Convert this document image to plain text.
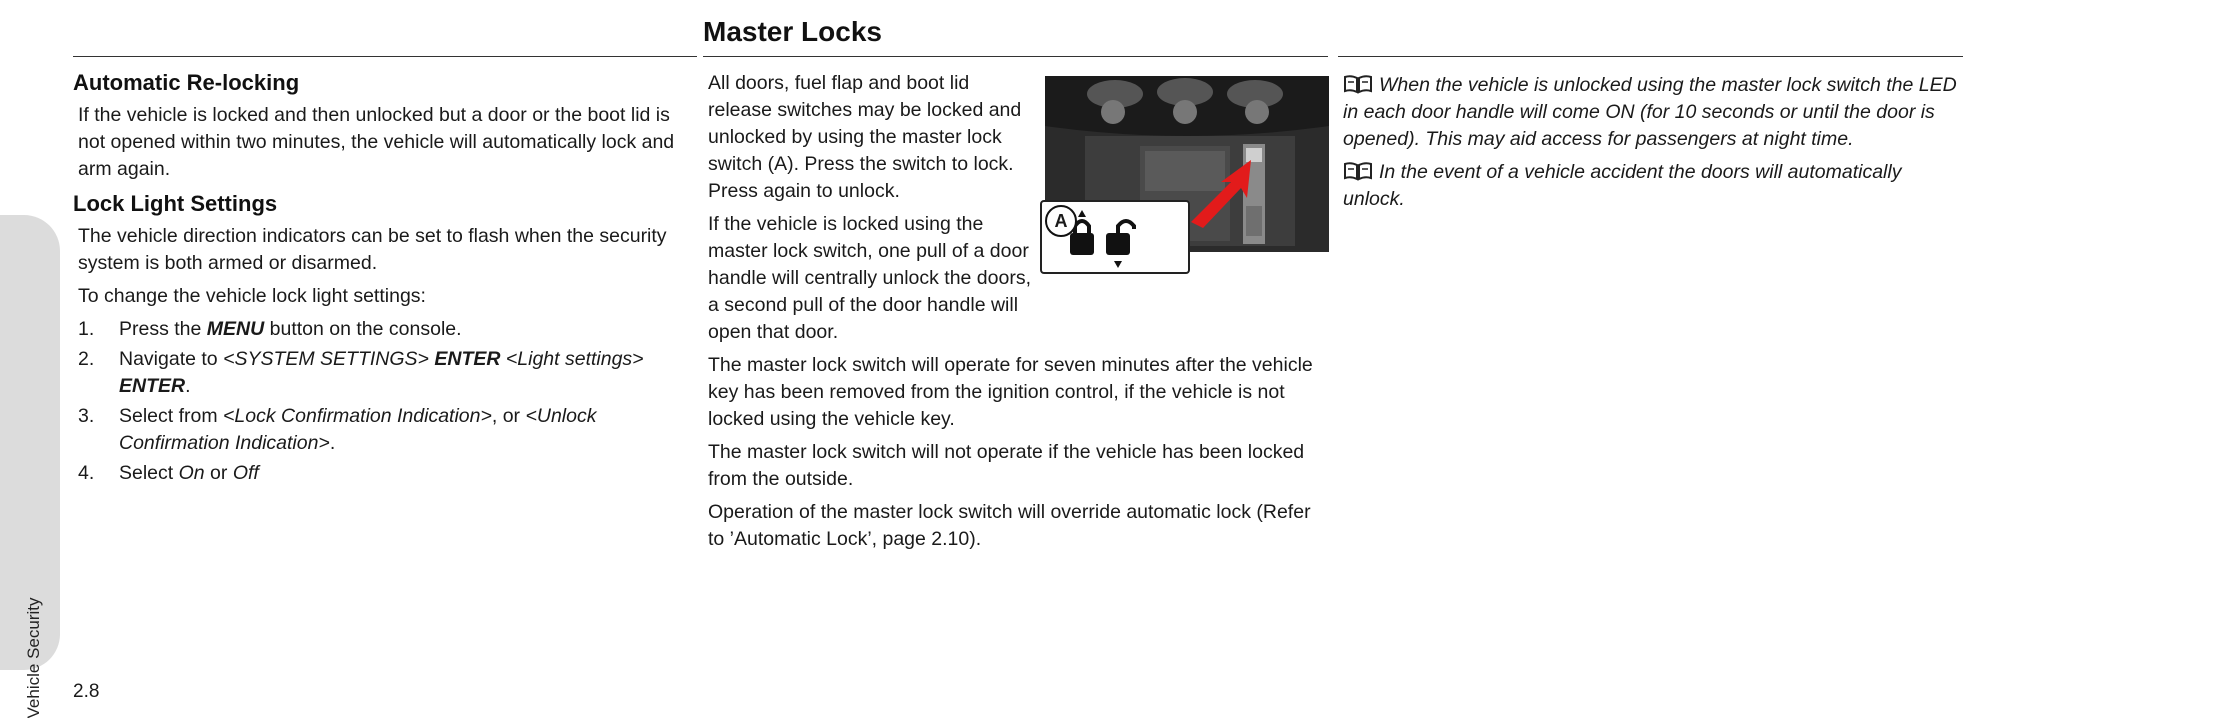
Vehicle Security
Master Locks
Automatic Re-locking

If the vehicle is locked and then unlocked but a door or the boot lid is not opened within two minutes, the vehicle will automatically lock and arm again.

Lock Light Settings

The vehicle direction indicators can be set to flash when the security system is both armed or disarmed.

To change the vehicle lock light settings:

1. Press the MENU button on the console.
2. Navigate to <SYSTEM SETTINGS> ENTER <Light settings> ENTER.
3. Select from <Lock Confirmation Indication>, or <Unlock Confirmation Indication>.
4. Select On or Off

All doors, fuel flap and boot lid release switches may be locked and unlocked by using the master lock switch (A). Press the switch to lock. Press again to unlock.

If the vehicle is locked using the master lock switch, one pull of a door handle will centrally unlock the doors, a second pull of the door handle will open that door.

The master lock switch will operate for seven minutes after the vehicle key has been removed from the ignition control, if the vehicle is not locked using the vehicle key.

The master lock switch will not operate if the vehicle has been locked from the outside.

Operation of the master lock switch will override automatic lock (Refer to ’Automatic Lock’, page 2.10).

A

When the vehicle is unlocked using the master lock switch the LED in each door handle will come ON (for 10 seconds or until the door is opened). This may aid access for passengers at night time.

In the event of a vehicle accident the doors will automatically unlock.

2.8
